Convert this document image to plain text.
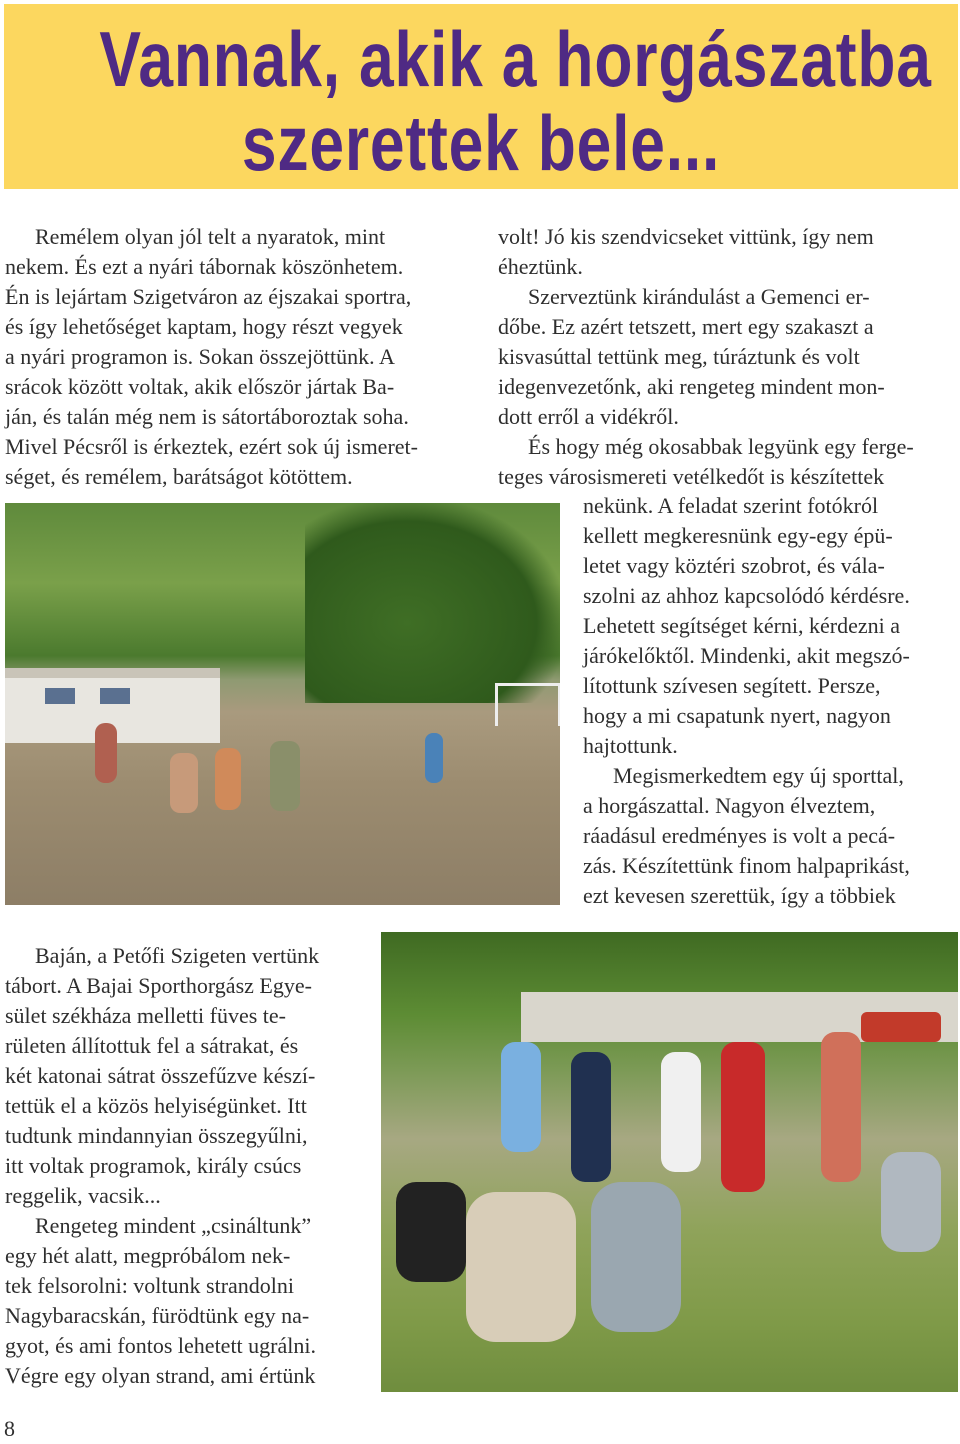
Vannak, akik a horgászatba
szerettek bele...
Remélem olyan jól telt a nyaratok, mint
nekem. És ezt a nyári tábornak köszönhetem.
Én is lejártam Szigetváron az éjszakai sportra,
és így lehetőséget kaptam, hogy részt vegyek
a nyári programon is. Sokan összejöttünk. A
srácok között voltak, akik először jártak Ba-
ján, és talán még nem is sátortáboroztak soha.
Mivel Pécsről is érkeztek, ezért sok új ismeret-
séget, és remélem, barátságot kötöttem.
volt! Jó kis szendvicseket vittünk, így nem
éheztünk.
Szerveztünk kirándulást a Gemenci er-
dőbe. Ez azért tetszett, mert egy szakaszt a
kisvasúttal tettünk meg, túráztunk és volt
idegenvezetőnk, aki rengeteg mindent mon-
dott erről a vidékről.
És hogy még okosabbak legyünk egy ferge-
teges városismereti vetélkedőt is készítettek
nekünk. A feladat szerint fotókról
kellett megkeresnünk egy-egy épü-
letet vagy köztéri szobrot, és vála-
szolni az ahhoz kapcsolódó kérdésre.
Lehetett segítséget kérni, kérdezni a
járókelőktől. Mindenki, akit megszó-
lítottunk szívesen segített. Persze,
hogy a mi csapatunk nyert, nagyon
hajtottunk.
Megismerkedtem egy új sporttal,
a horgászattal. Nagyon élveztem,
ráadásul eredményes is volt a pecá-
zás. Készítettünk finom halpaprikást,
ezt kevesen szerettük, így a többiek
Baján, a Petőfi Szigeten vertünk
tábort. A Bajai Sporthorgász Egye-
sület székháza melletti füves te-
rületen állítottuk fel a sátrakat, és
két katonai sátrat összefűzve készí-
tettük el a közös helyiségünket. Itt
tudtunk mindannyian összegyűlni,
itt voltak programok, király csúcs
reggelik, vacsik...
Rengeteg mindent „csináltunk”
egy hét alatt, megpróbálom nek-
tek felsorolni: voltunk strandolni
Nagybaracskán, fürödtünk egy na-
gyot, és ami fontos lehetett ugrálni.
Végre egy olyan strand, ami értünk
8
